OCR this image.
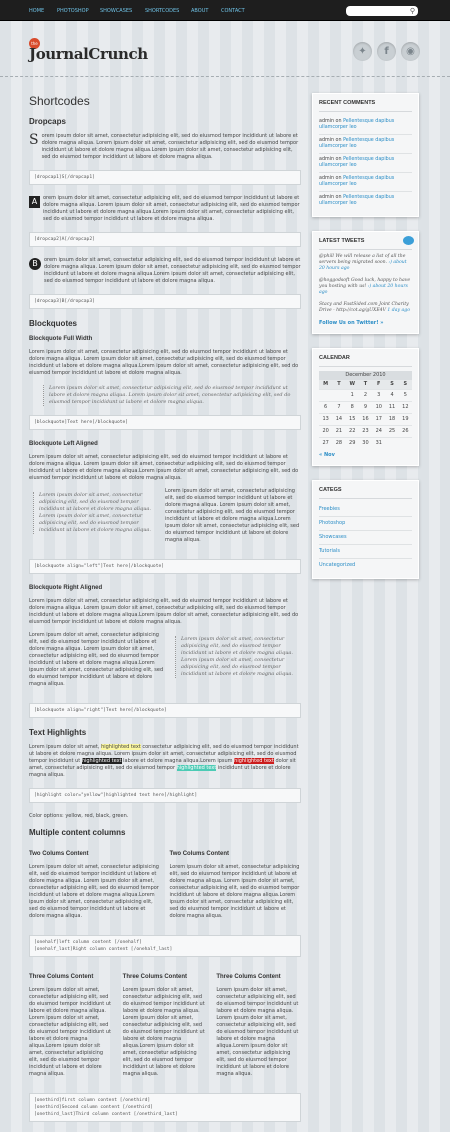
HOME	PHOTOSHOP SHOWCASES	SHORTCODES ABOUT	CONTACT	⚲
the
JournalCrunch	✦	f	◉
Shortcodes
Dropcaps
S orem ipsum dolor sit amet, consectetur adipisicing elit, sed do eiusmod tempor incididunt ut labore et dolore magna aliqua. Lorem ipsum dolor sit amet, consectetur adipisicing elit, sed do eiusmod tempor incididunt ut labore et dolore magna aliqua.Lorem ipsum dolor sit amet, consectetur adipisicing elit, sed do eiusmod tempor incididunt ut labore et dolore magna aliqua.
[dropcap1]S[/dropcap1]
A	orem ipsum dolor sit amet, consectetur adipisicing elit, sed do eiusmod tempor incididunt ut labore et dolore magna aliqua. Lorem ipsum dolor sit amet, consectetur adipisicing elit, sed do eiusmod tempor incididunt ut labore et dolore magna aliqua.Lorem ipsum dolor sit amet, consectetur adipisicing elit, sed do eiusmod tempor incididunt ut labore et dolore magna aliqua.
[dropcap2]A[/dropcap2]
B	orem ipsum dolor sit amet, consectetur adipisicing elit, sed do eiusmod tempor incididunt ut labore et dolore magna aliqua. Lorem ipsum dolor sit amet, consectetur adipisicing elit, sed do eiusmod tempor incididunt ut labore et dolore magna aliqua.Lorem ipsum dolor sit amet, consectetur adipisicing elit, sed do eiusmod tempor incididunt ut labore et dolore magna aliqua.
[dropcap3]B[/dropcap3]
Blockquotes
Blockquote Full Width

Lorem ipsum dolor sit amet, consectetur adipisicing elit, sed do eiusmod tempor incididunt ut labore et dolore magna aliqua. Lorem ipsum dolor sit amet, consectetur adipisicing elit, sed do eiusmod tempor incididunt ut labore et dolore magna aliqua.Lorem ipsum dolor sit amet, consectetur adipisicing elit, sed do eiusmod tempor incididunt ut labore et dolore magna aliqua.

Lorem ipsum dolor sit amet, consectetur adipisicing elit, sed do eiusmod tempor incididunt ut labore et dolore magna aliqua. Lorem ipsum dolor sit amet, consectetur adipisicing elit, sed do eiusmod tempor incididunt ut labore et dolore magna aliqua.
[blockquote]Text here[/blockquote]
Blockquote Left Aligned

Lorem ipsum dolor sit amet, consectetur adipisicing elit, sed do eiusmod tempor incididunt ut labore et dolore magna aliqua. Lorem ipsum dolor sit amet, consectetur adipisicing elit, sed do eiusmod tempor incididunt ut labore et dolore magna aliqua.Lorem ipsum dolor sit amet, consectetur adipisicing elit, sed do eiusmod tempor incididunt ut labore et dolore magna aliqua.

Lorem ipsum dolor sit amet, consectetur adipisicing elit, sed do eiusmod tempor incididunt ut labore et dolore magna aliqua. Lorem ipsum dolor sit amet, consectetur adipisicing elit, sed do eiusmod tempor incididunt ut labore et dolore magna aliqua.

Lorem ipsum dolor sit amet, consectetur adipisicing elit, sed do eiusmod tempor incididunt ut labore et dolore magna aliqua. Lorem ipsum dolor sit amet, consectetur adipisicing elit, sed do eiusmod tempor incididunt ut labore et dolore magna aliqua.Lorem ipsum dolor sit amet, consectetur adipisicing elit, sed do eiusmod tempor incididunt ut labore et dolore magna aliqua.

[blockquote align="left"]Text here[/blockquote]
Blockquote Right Aligned

Lorem ipsum dolor sit amet, consectetur adipisicing elit, sed do eiusmod tempor incididunt ut labore et dolore magna aliqua. Lorem ipsum dolor sit amet, consectetur adipisicing elit, sed do eiusmod tempor incididunt ut labore et dolore magna aliqua.Lorem ipsum dolor sit amet, consectetur adipisicing elit, sed do eiusmod tempor incididunt ut labore et dolore magna aliqua.

Lorem ipsum dolor sit amet, consectetur adipisicing elit, sed do eiusmod tempor incididunt ut labore et dolore magna aliqua. Lorem ipsum dolor sit amet, consectetur adipisicing elit, sed do eiusmod tempor incididunt ut labore et dolore magna aliqua.

Lorem ipsum dolor sit amet, consectetur adipisicing elit, sed do eiusmod tempor incididunt ut labore et dolore magna aliqua. Lorem ipsum dolor sit amet, consectetur adipisicing elit, sed do eiusmod tempor incididunt ut labore et dolore magna aliqua.Lorem ipsum dolor sit amet, consectetur adipisicing elit, sed do eiusmod tempor incididunt ut labore et dolore magna aliqua.

[blockquote align="right"]Text here[/blockquote]
Text Highlights

Lorem ipsum dolor sit amet, highlighted text consectetur adipisicing elit, sed do eiusmod tempor incididunt ut labore et dolore magna aliqua. Lorem ipsum dolor sit amet, consectetur adipisicing elit, sed do eiusmod tempor incididunt ut highlighted text labore et dolore magna aliqua.Lorem ipsum highlighted text dolor sit amet, consectetur adipisicing elit, sed do eiusmod tempor highlighted text incididunt ut labore et dolore magna aliqua.

[highlight color="yellow"]highlighted text here[/highlight]

Color options: yellow, red, black, green.

Multiple content columns
Two Colums Content

Lorem ipsum dolor sit amet, consectetur adipisicing elit, sed do eiusmod tempor incididunt ut labore et dolore magna aliqua. Lorem ipsum dolor sit amet, consectetur adipisicing elit, sed do eiusmod tempor incididunt ut labore et dolore magna aliqua.Lorem ipsum dolor sit amet, consectetur adipisicing elit, sed do eiusmod tempor incididunt ut labore et dolore magna aliqua.

Two Colums Content

Lorem ipsum dolor sit amet, consectetur adipisicing elit, sed do eiusmod tempor incididunt ut labore et dolore magna aliqua. Lorem ipsum dolor sit amet, consectetur adipisicing elit, sed do eiusmod tempor incididunt ut labore et dolore magna aliqua.Lorem ipsum dolor sit amet, consectetur adipisicing elit, sed do eiusmod tempor incididunt ut labore et dolore magna aliqua.

[onehalf]left column content [/onehalf]
[onehalf_last]Right column content [/onehalf_last]
Three Colums Content

Lorem ipsum dolor sit amet, consectetur adipisicing elit, sed do eiusmod tempor incididunt ut labore et dolore magna aliqua. Lorem ipsum dolor sit amet, consectetur adipisicing elit, sed do eiusmod tempor incididunt ut labore et dolore magna aliqua.Lorem ipsum dolor sit amet, consectetur adipisicing elit, sed do eiusmod tempor incididunt ut labore et dolore magna aliqua.

Three Colums Content

Lorem ipsum dolor sit amet, consectetur adipisicing elit, sed do eiusmod tempor incididunt ut labore et dolore magna aliqua. Lorem ipsum dolor sit amet, consectetur adipisicing elit, sed do eiusmod tempor incididunt ut labore et dolore magna aliqua.Lorem ipsum dolor sit amet, consectetur adipisicing elit, sed do eiusmod tempor incididunt ut labore et dolore magna aliqua.

Three Colums Content

Lorem ipsum dolor sit amet, consectetur adipisicing elit, sed do eiusmod tempor incididunt ut labore et dolore magna aliqua. Lorem ipsum dolor sit amet, consectetur adipisicing elit, sed do eiusmod tempor incididunt ut labore et dolore magna aliqua.Lorem ipsum dolor sit amet, consectetur adipisicing elit, sed do eiusmod tempor incididunt ut labore et dolore magna aliqua.

[onethird]first column content [/onethird]
[onethird]Second column content [/onethird]
[onethird_last]Third column content [/onethird_last]
RECENT COMMENTS
admin on Pellentesque dapibus ullamcorper leo
admin on Pellentesque dapibus ullamcorper leo
admin on Pellentesque dapibus ullamcorper leo
admin on Pellentesque dapibus ullamcorper leo
admin on Pellentesque dapibus ullamcorper leo
LATEST TWEETS
@phill We will release a list of all the servers being migrated soon. :) about 20 hours ago
@hoggodsoft Good luck, happy to have you hosting with us! :) about 20 hours ago
Stacy and FastSided.com Joint Charity Drive - http://cot.ag/gUXE4V 1 day ago
Follow Us on Twitter! »
CALENDAR
December 2010
M	T	W	T	F	S	S
		1	2	3	4	5
6	7	8	9	10	11	12
13	14	15	16	17	18	19
20	21	22	23	24	25	26
27	28	29	30	31		
« Nov
CATEGS
Freebies
Photoshop
Showcases
Tutorials
Uncategorized
